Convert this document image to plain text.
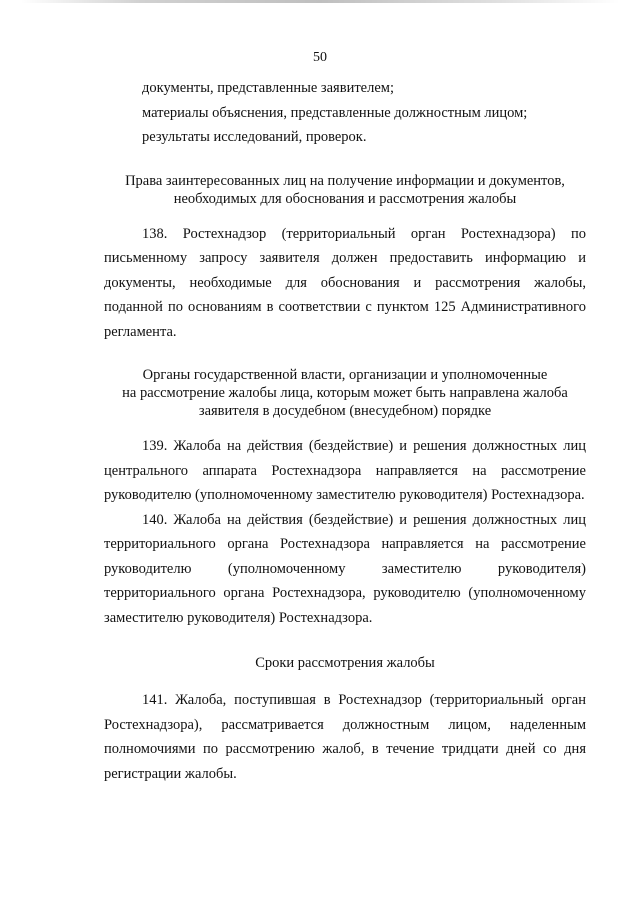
50

документы, представленные заявителем;

материалы объяснения, представленные должностным лицом;

результаты исследований, проверок.

Права заинтересованных лиц на получение информации и документов,

необходимых для обоснования и рассмотрения жалобы

138. Ростехнадзор (территориальный орган Ростехнадзора) по письменному запросу заявителя должен предоставить информацию и документы, необходимые для обоснования и рассмотрения жалобы, поданной по основаниям в соответствии с пунктом 125 Административного регламента.

Органы государственной власти, организации и уполномоченные

на рассмотрение жалобы лица, которым может быть направлена жалоба

заявителя в досудебном (внесудебном) порядке

139. Жалоба на действия (бездействие) и решения должностных лиц центрального аппарата Ростехнадзора направляется на рассмотрение руководителю (уполномоченному заместителю руководителя) Ростехнадзора.

140. Жалоба на действия (бездействие) и решения должностных лиц территориального органа Ростехнадзора направляется на рассмотрение руководителю (уполномоченному заместителю руководителя) территориального органа Ростехнадзора, руководителю (уполномоченному заместителю руководителя) Ростехнадзора.

Сроки рассмотрения жалобы

141. Жалоба, поступившая в Ростехнадзор (территориальный орган Ростехнадзора), рассматривается должностным лицом, наделенным полномочиями по рассмотрению жалоб, в течение тридцати дней со дня регистрации жалобы.
